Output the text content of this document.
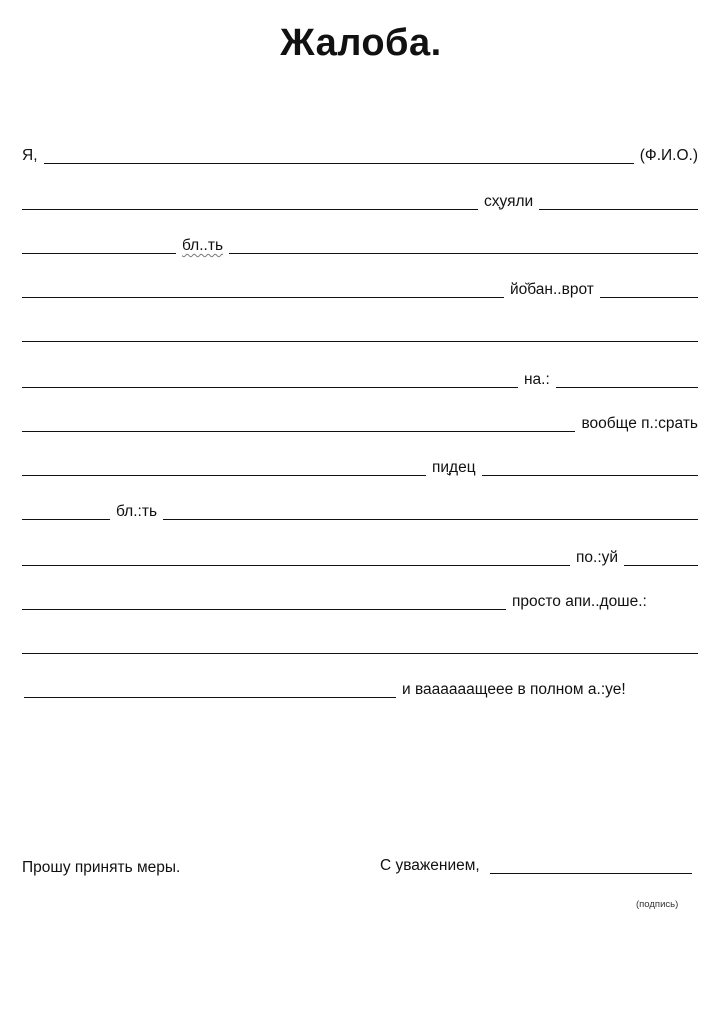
Жалоба.
Я,	(Ф.И.О.)
сх̦уяли
бл..ть
йо̆бан..врот
на.:
вообще п.:срать
пи̮дец
бл.:ть
по.:уй
просто апи..доше.:
и ваааааащеее в полном а.:уе!
Прошу принять меры.	С уважением,
(подпись)
